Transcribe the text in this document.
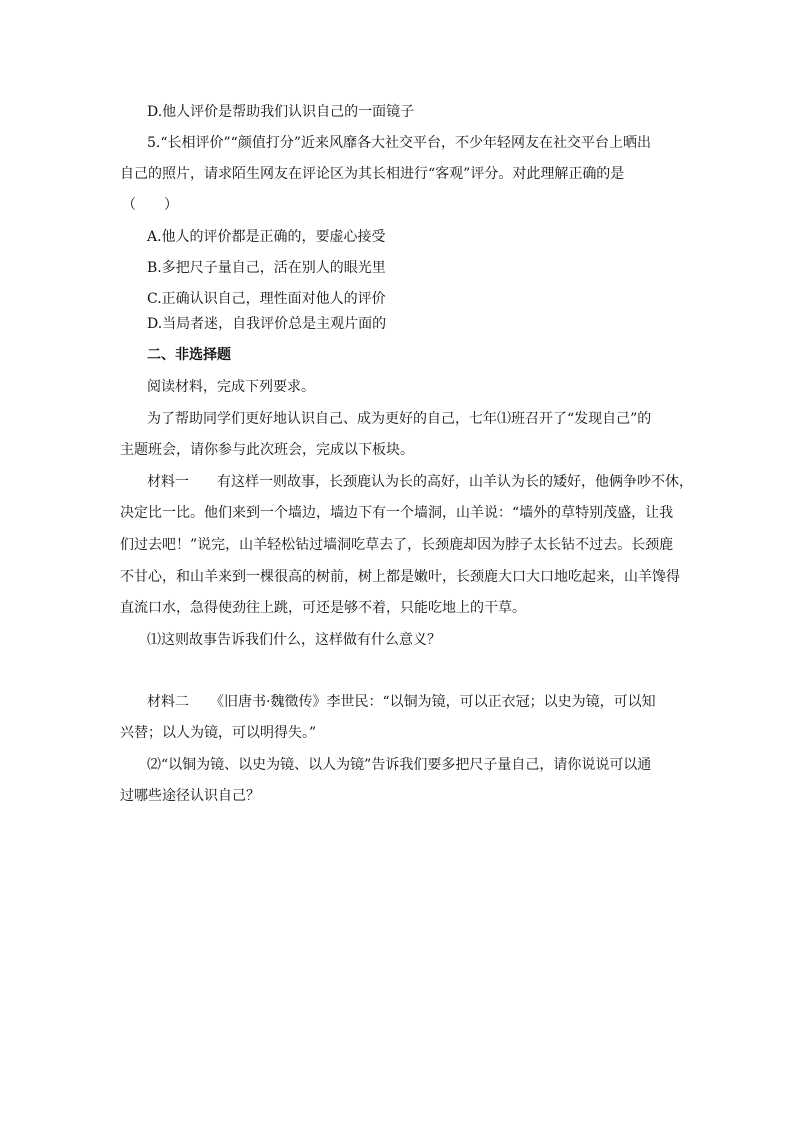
D.他人评价是帮助我们认识自己的一面镜子
5.“长相评价”“颜值打分”近来风靡各大社交平台，不少年轻网友在社交平台上晒出
自己的照片，请求陌生网友在评论区为其长相进行“客观”评分。对此理解正确的是
（　　）
A.他人的评价都是正确的，要虚心接受
B.多把尺子量自己，活在别人的眼光里
C.正确认识自己，理性面对他人的评价
D.当局者迷，自我评价总是主观片面的
二、非选择题
阅读材料，完成下列要求。
为了帮助同学们更好地认识自己、成为更好的自己，七年⑴班召开了“发现自己”的
主题班会，请你参与此次班会，完成以下板块。
材料一　　有这样一则故事，长颈鹿认为长的高好，山羊认为长的矮好，他俩争吵不休，
决定比一比。他们来到一个墙边，墙边下有一个墙洞，山羊说：“墙外的草特别茂盛，让我
们过去吧！”说完，山羊轻松钻过墙洞吃草去了，长颈鹿却因为脖子太长钻不过去。长颈鹿
不甘心，和山羊来到一棵很高的树前，树上都是嫩叶，长颈鹿大口大口地吃起来，山羊馋得
直流口水，急得使劲往上跳，可还是够不着，只能吃地上的干草。
⑴这则故事告诉我们什么，这样做有什么意义？
材料二　　《旧唐书·魏徵传》李世民：“以铜为镜，可以正衣冠；以史为镜，可以知
兴替；以人为镜，可以明得失。”
⑵“以铜为镜、以史为镜、以人为镜”告诉我们要多把尺子量自己，请你说说可以通
过哪些途径认识自己？
